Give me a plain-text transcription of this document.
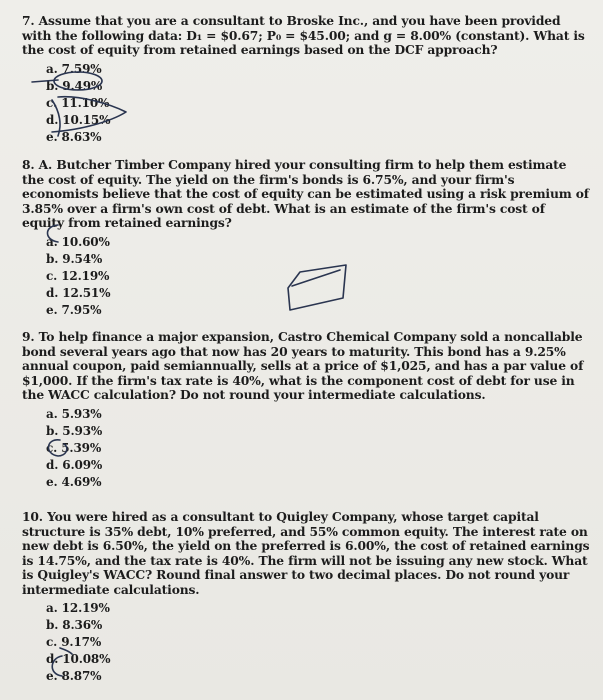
7. Assume that you are a consultant to Broske Inc., and you have been provided with the following data: D₁ = $0.67; P₀ = $45.00; and g = 8.00% (constant). What is the cost of equity from retained earnings based on the DCF approach?

a. 7.59%
b. 9.49%
c. 11.10%
d. 10.15%
e. 8.63%

8. A. Butcher Timber Company hired your consulting firm to help them estimate the cost of equity. The yield on the firm's bonds is 6.75%, and your firm's economists believe that the cost of equity can be estimated using a risk premium of 3.85% over a firm's own cost of debt. What is an estimate of the firm's cost of equity from retained earnings?

a. 10.60%
b. 9.54%
c. 12.19%
d. 12.51%
e. 7.95%

9. To help finance a major expansion, Castro Chemical Company sold a noncallable bond several years ago that now has 20 years to maturity. This bond has a 9.25% annual coupon, paid semiannually, sells at a price of $1,025, and has a par value of $1,000. If the firm's tax rate is 40%, what is the component cost of debt for use in the WACC calculation? Do not round your intermediate calculations.

a. 5.93%
b. 5.93%
c. 5.39%
d. 6.09%
e. 4.69%

10. You were hired as a consultant to Quigley Company, whose target capital structure is 35% debt, 10% preferred, and 55% common equity. The interest rate on new debt is 6.50%, the yield on the preferred is 6.00%, the cost of retained earnings is 14.75%, and the tax rate is 40%. The firm will not be issuing any new stock. What is Quigley's WACC? Round final answer to two decimal places. Do not round your intermediate calculations.

a. 12.19%
b. 8.36%
c. 9.17%
d. 10.08%
e. 8.87%
